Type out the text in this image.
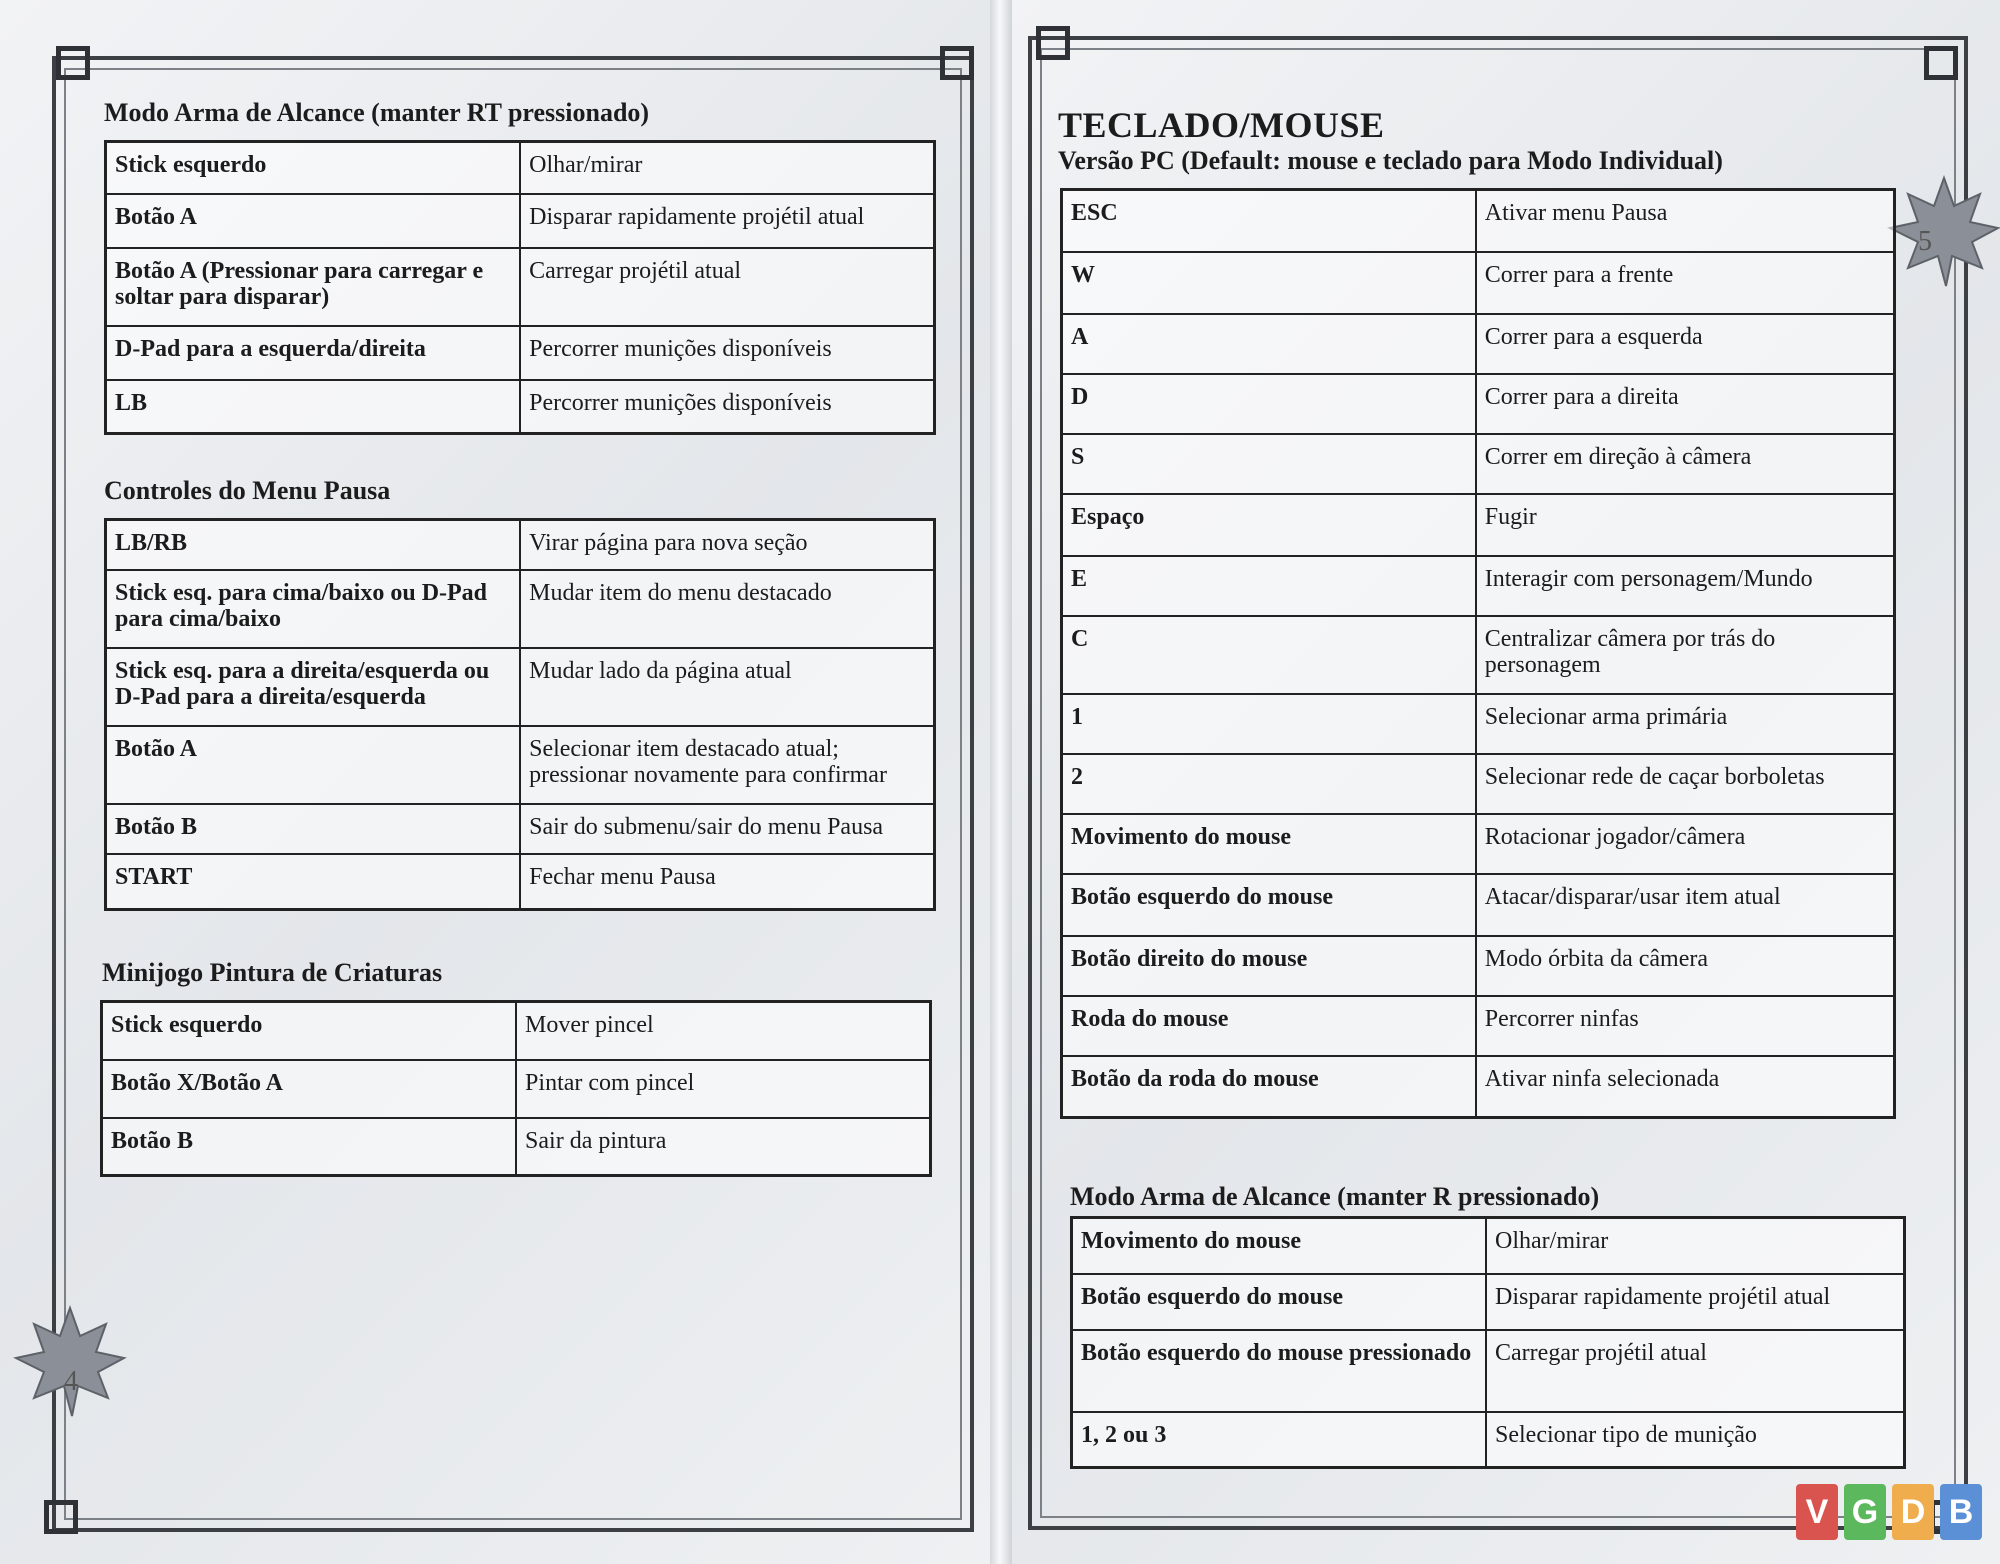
4
5
Modo Arma de Alcance (manter RT pressionado)
Stick esquerdo	Olhar/mirar
Botão A	Disparar rapidamente projétil atual
Botão A (Pressionar para carregar e soltar para disparar)	Carregar projétil atual
D-Pad para a esquerda/direita	Percorrer munições disponíveis
LB	Percorrer munições disponíveis
Controles do Menu Pausa
LB/RB	Virar página para nova seção
Stick esq. para cima/baixo ou D-Pad para cima/baixo	Mudar item do menu destacado
Stick esq. para a direita/esquerda ou D-Pad para a direita/esquerda	Mudar lado da página atual
Botão A	Selecionar item destacado atual; pressionar novamente para confirmar
Botão B	Sair do submenu/sair do menu Pausa
START	Fechar menu Pausa
Minijogo Pintura de Criaturas
Stick esquerdo	Mover pincel
Botão X/Botão A	Pintar com pincel
Botão B	Sair da pintura
TECLADO/MOUSE
Versão PC (Default: mouse e teclado para Modo Individual)
ESC	Ativar menu Pausa
W	Correr para a frente
A	Correr para a esquerda
D	Correr para a direita
S	Correr em direção à câmera
Espaço	Fugir
E	Interagir com personagem/Mundo
C	Centralizar câmera por trás do personagem
1	Selecionar arma primária
2	Selecionar rede de caçar borboletas
Movimento do mouse	Rotacionar jogador/câmera
Botão esquerdo do mouse	Atacar/disparar/usar item atual
Botão direito do mouse	Modo órbita da câmera
Roda do mouse	Percorrer ninfas
Botão da roda do mouse	Ativar ninfa selecionada
Modo Arma de Alcance (manter R pressionado)
Movimento do mouse	Olhar/mirar
Botão esquerdo do mouse	Disparar rapidamente projétil atual
Botão esquerdo do mouse pressionado	Carregar projétil atual
1, 2 ou 3	Selecionar tipo de munição
V G D B
